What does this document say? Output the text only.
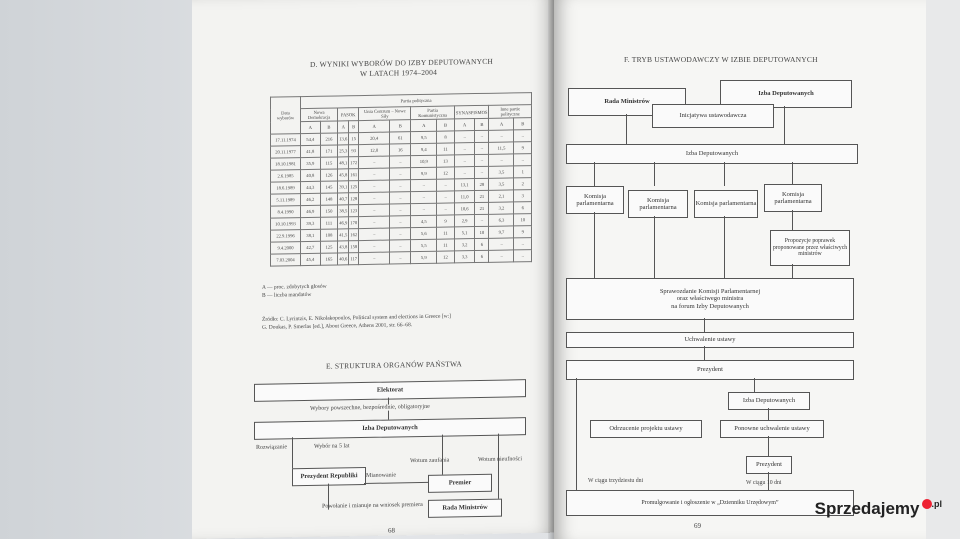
D. WYNIKI WYBORÓW DO IZBY DEPUTOWANYCH
W LATACH 1974–2004
Data wyborów	Partia polityczna											
	Nowa Demokracja		PASOK		Unia Centrum – Nowe Siły		Partia Komunistyczna		SYNASPISMOS		Inne partie polityczne	
	A	B	A	B	A	B	A	B	A	B	A	B
17.11.1974	54,4	216	13,6	15	20,4	61	9,5	8	–	–	–	–
20.11.1977	41,8	171	25,3	93	12,0	16	9,4	11	–	–	11,5	9
18.10.1981	35,9	115	48,1	172	–	–	10,9	13	–	–	–	–
2.6.1985	40,8	126	45,8	161	–	–	9,9	12	–	–	3,5	1
18.6.1989	44,3	145	39,1	125	–	–	–	–	13,1	28	3,5	2
5.11.1989	46,2	148	40,7	128	–	–	–	–	11,0	21	2,1	3
8.4.1990	46,9	150	38,5	123	–	–	–	–	10,6	21	3,2	6
10.10.1993	39,3	111	46,9	170	–	–	4,5	9	2,9	–	6,3	10
22.9.1996	38,1	108	41,5	162	–	–	5,6	11	5,1	10	9,7	9
9.4.2000	42,7	125	43,8	158	–	–	5,5	11	3,2	6	–	–
7.03.2004	45,4	165	40,6	117	–	–	5,9	12	3,3	6	–	–
A — proc. zdobytych głosów
B — liczba mandatów
Źródło: C. Lyrintzis, E. Nikolakopoulos, Political system and elections in Greece [w:]
G. Doukas, P. Smerlas [ed.], About Greece, Athens 2001, str. 66–68.
E. STRUKTURA ORGANÓW PAŃSTWA
Elektorat
Wybory powszechne, bezpośrednie, obligatoryjne
Izba Deputowanych
Rozwiązanie	Wybór na 5 lat
Wotum zaufania	Wotum nieufności
Prezydent Republiki	Mianowanie
Premier
Powołanie i mianuje na wniosek premiera	Rada Ministrów
68
F. TRYB USTAWODAWCZY W IZBIE DEPUTOWANYCH
Rada Ministrów
Izba Deputowanych
Inicjatywa ustawodawcza
Izba Deputowanych
Komisja parlamentarna	Komisja parlamentarna
Komisja parlamentarna
Komisja parlamentarna
Propozycje poprawek proponowane przez właściwych ministrów
Sprawozdanie Komisji Parlamentarnej
oraz właściwego ministra
na forum Izby Deputowanych
Uchwalenie ustawy
Prezydent
Izba Deputowanych
Odrzucenie projektu ustawy	Ponowne uchwalenie ustawy
Prezydent
W ciągu trzydziestu dni	W ciągu 10 dni
Promulgowanie i ogłoszenie w „Dzienniku Urzędowym”
69
Sprzedajemy $^{.pl}$
